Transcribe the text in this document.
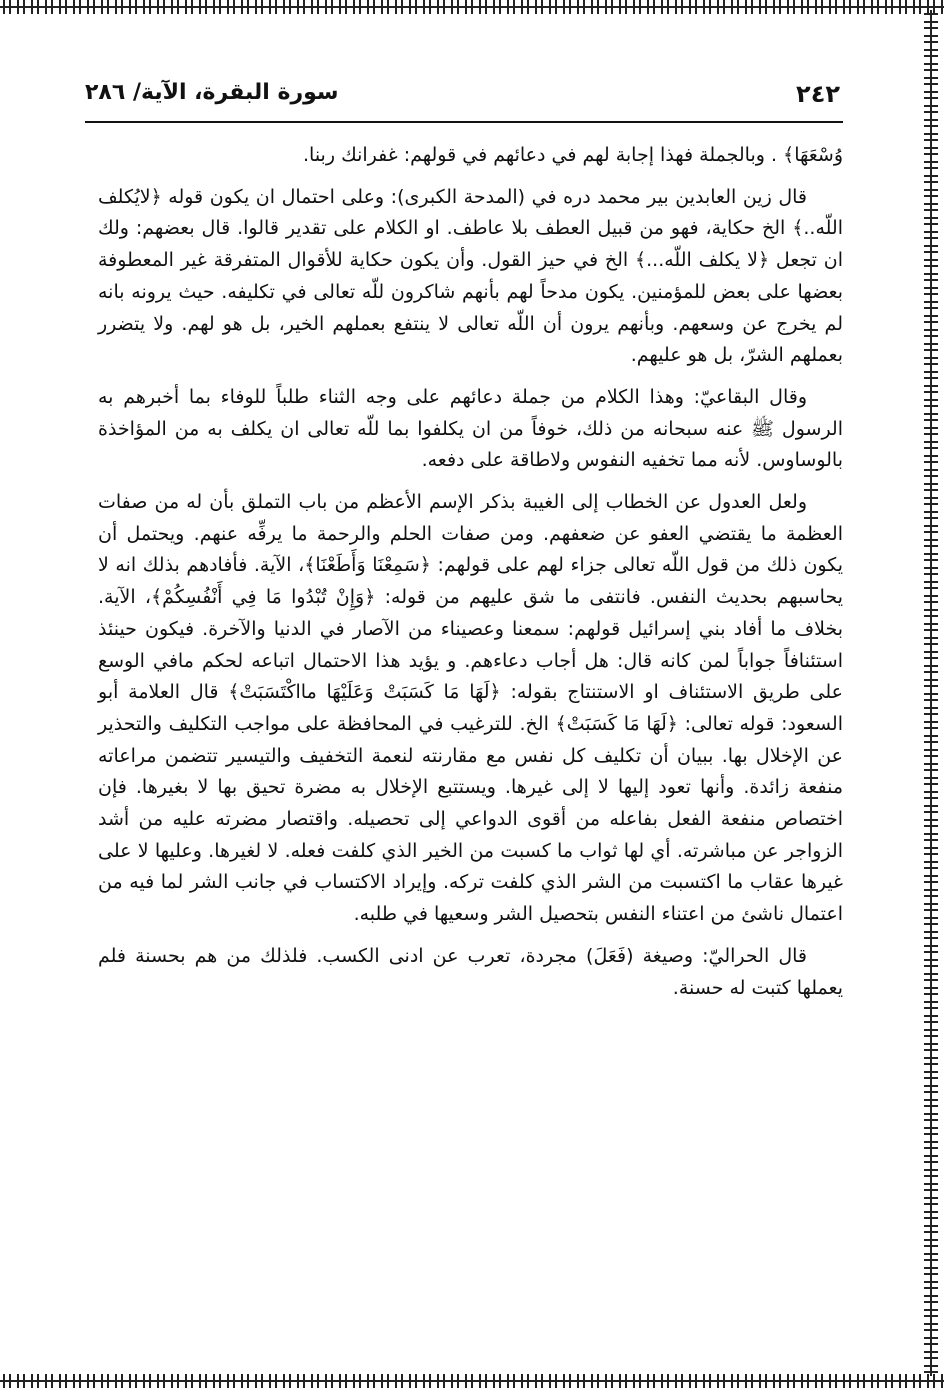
٢٤٢
سورة البقرة، الآية/ ٢٨٦

وُسْعَهَا﴾ . وبالجملة فهذا إجابة لهم في دعائهم في قولهم: غفرانك ربنا.

قال زين العابدين بير محمد دره في (المدحة الكبرى): وعلى احتمال ان يكون قوله ﴿لايُكلف اللّه..﴾ الخ حكاية، فهو من قبيل العطف بلا عاطف. او الكلام على تقدير قالوا. قال بعضهم: ولك ان تجعل ﴿لا يكلف اللّه...﴾ الخ في حيز القول. وأن يكون حكاية للأقوال المتفرقة غير المعطوفة بعضها على بعض للمؤمنين. يكون مدحاً لهم بأنهم شاكرون للّه تعالى في تكليفه. حيث يرونه بانه لم يخرج عن وسعهم. وبأنهم يرون أن اللّه تعالى لا ينتفع بعملهم الخير، بل هو لهم. ولا يتضرر بعملهم الشرّ، بل هو عليهم.

وقال البقاعيّ: وهذا الكلام من جملة دعائهم على وجه الثناء طلباً للوفاء بما أخبرهم به الرسول ﷺ عنه سبحانه من ذلك، خوفاً من ان يكلفوا بما للّه تعالى ان يكلف به من المؤاخذة بالوساوس. لأنه مما تخفيه النفوس ولاطاقة على دفعه.

ولعل العدول عن الخطاب إلى الغيبة بذكر الإسم الأعظم من باب التملق بأن له من صفات العظمة ما يقتضي العفو عن ضعفهم. ومن صفات الحلم والرحمة ما يرفِّه عنهم. ويحتمل أن يكون ذلك من قول اللّه تعالى جزاء لهم على قولهم: ﴿سَمِعْنَا وَأَطَعْنَا﴾، الآية. فأفادهم بذلك انه لا يحاسبهم بحديث النفس. فانتفى ما شق عليهم من قوله: ﴿وَإِنْ تُبْدُوا مَا فِي أَنْفُسِكُمْ﴾، الآية. بخلاف ما أفاد بني إسرائيل قولهم: سمعنا وعصيناء من الآصار في الدنيا والآخرة. فيكون حينئذ استئنافاً جواباً لمن كانه قال: هل أجاب دعاءهم. و يؤيد هذا الاحتمال اتباعه لحكم مافي الوسع على طريق الاستئناف او الاستنتاج بقوله: ﴿لَهَا مَا كَسَبَتْ وَعَلَيْهَا مااكْتَسَبَتْ﴾ قال العلامة أبو السعود: قوله تعالى: ﴿لَهَا مَا كَسَبَتْ﴾ الخ. للترغيب في المحافظة على مواجب التكليف والتحذير عن الإخلال بها. ببيان أن تكليف كل نفس مع مقارنته لنعمة التخفيف والتيسير تتضمن مراعاته منفعة زائدة. وأنها تعود إليها لا إلى غيرها. ويستتبع الإخلال به مضرة تحيق بها لا بغيرها. فإن اختصاص منفعة الفعل بفاعله من أقوى الدواعي إلى تحصيله. واقتصار مضرته عليه من أشد الزواجر عن مباشرته. أي لها ثواب ما كسبت من الخير الذي كلفت فعله. لا لغيرها. وعليها لا على غيرها عقاب ما اكتسبت من الشر الذي كلفت تركه. وإيراد الاكتساب في جانب الشر لما فيه من اعتمال ناشئ من اعتناء النفس بتحصيل الشر وسعيها في طلبه.

قال الحراليّ: وصيغة (فَعَلَ) مجردة، تعرب عن ادنى الكسب. فلذلك من هم بحسنة فلم يعملها كتبت له حسنة.
